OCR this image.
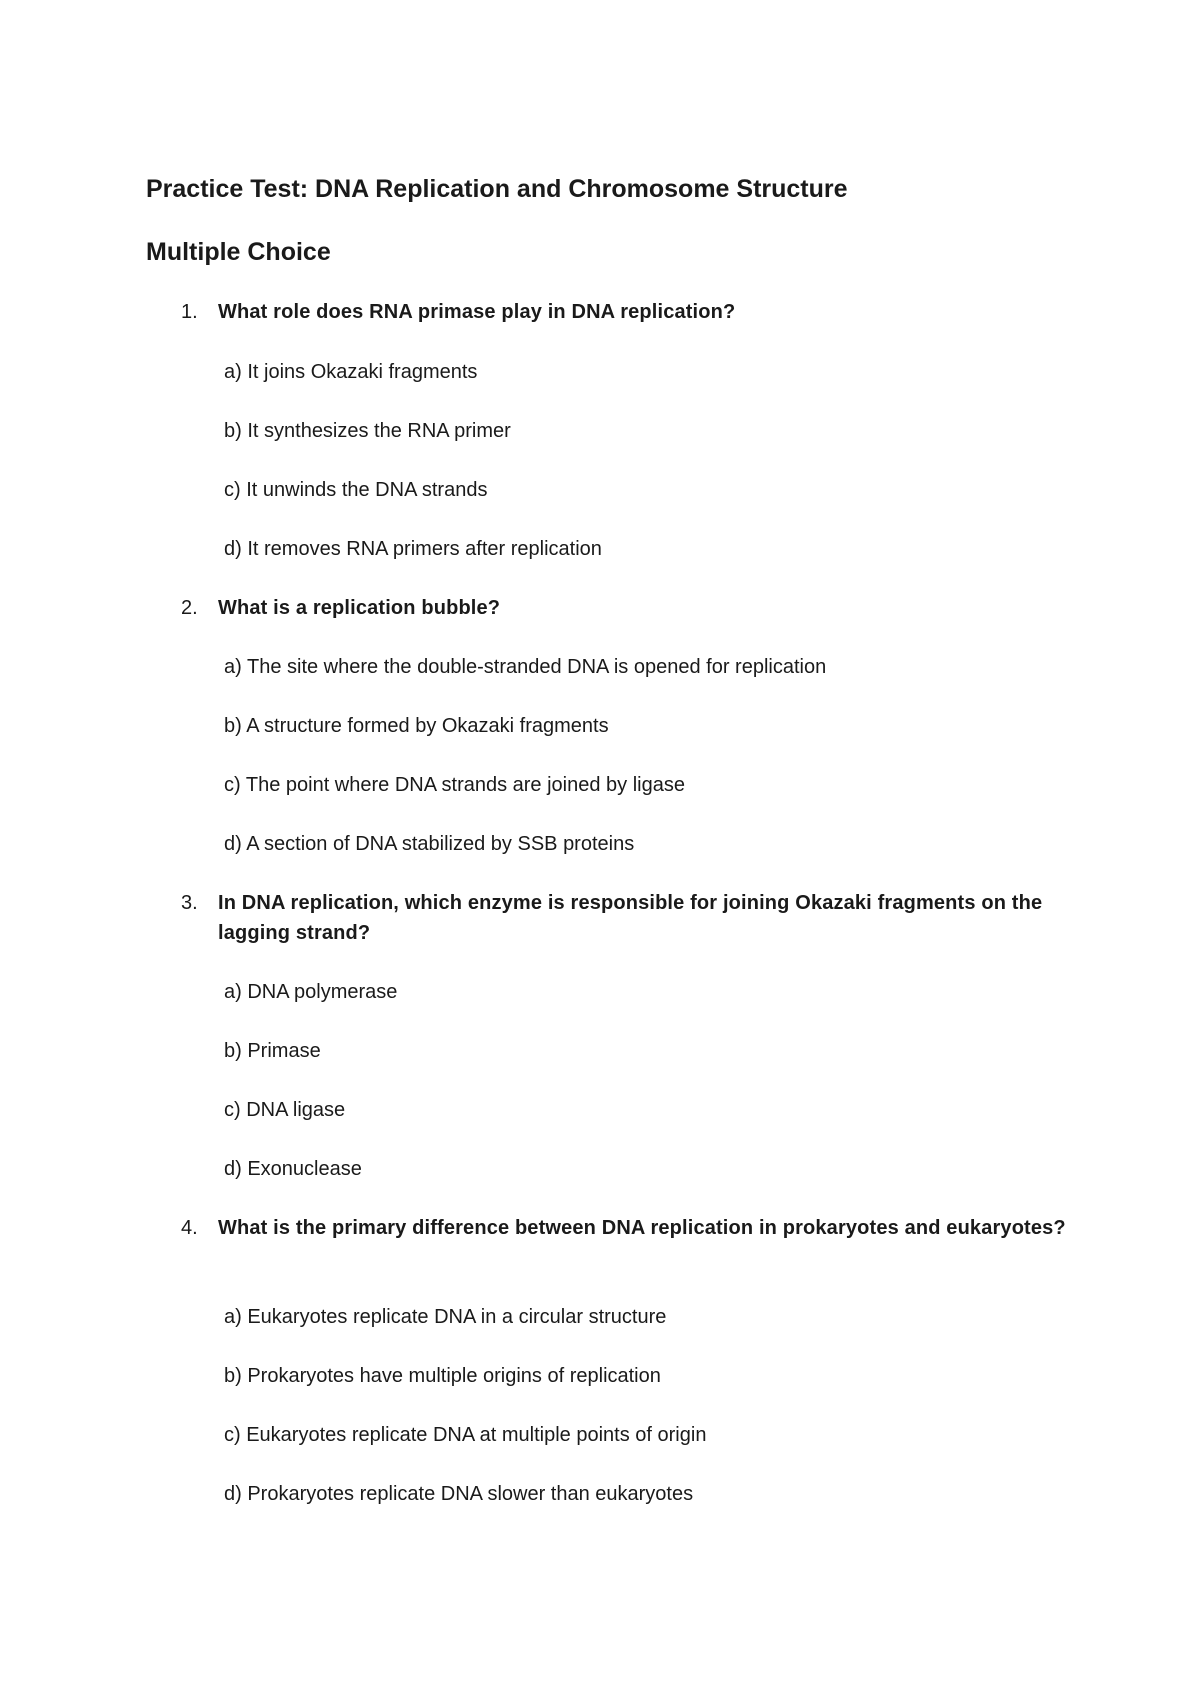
Practice Test: DNA Replication and Chromosome Structure
Multiple Choice
1. What role does RNA primase play in DNA replication?
a) It joins Okazaki fragments
b) It synthesizes the RNA primer
c) It unwinds the DNA strands
d) It removes RNA primers after replication
2. What is a replication bubble?
a) The site where the double-stranded DNA is opened for replication
b) A structure formed by Okazaki fragments
c) The point where DNA strands are joined by ligase
d) A section of DNA stabilized by SSB proteins
3. In DNA replication, which enzyme is responsible for joining Okazaki fragments on the lagging strand?
a) DNA polymerase
b) Primase
c) DNA ligase
d) Exonuclease
4. What is the primary difference between DNA replication in prokaryotes and eukaryotes?
a) Eukaryotes replicate DNA in a circular structure
b) Prokaryotes have multiple origins of replication
c) Eukaryotes replicate DNA at multiple points of origin
d) Prokaryotes replicate DNA slower than eukaryotes
